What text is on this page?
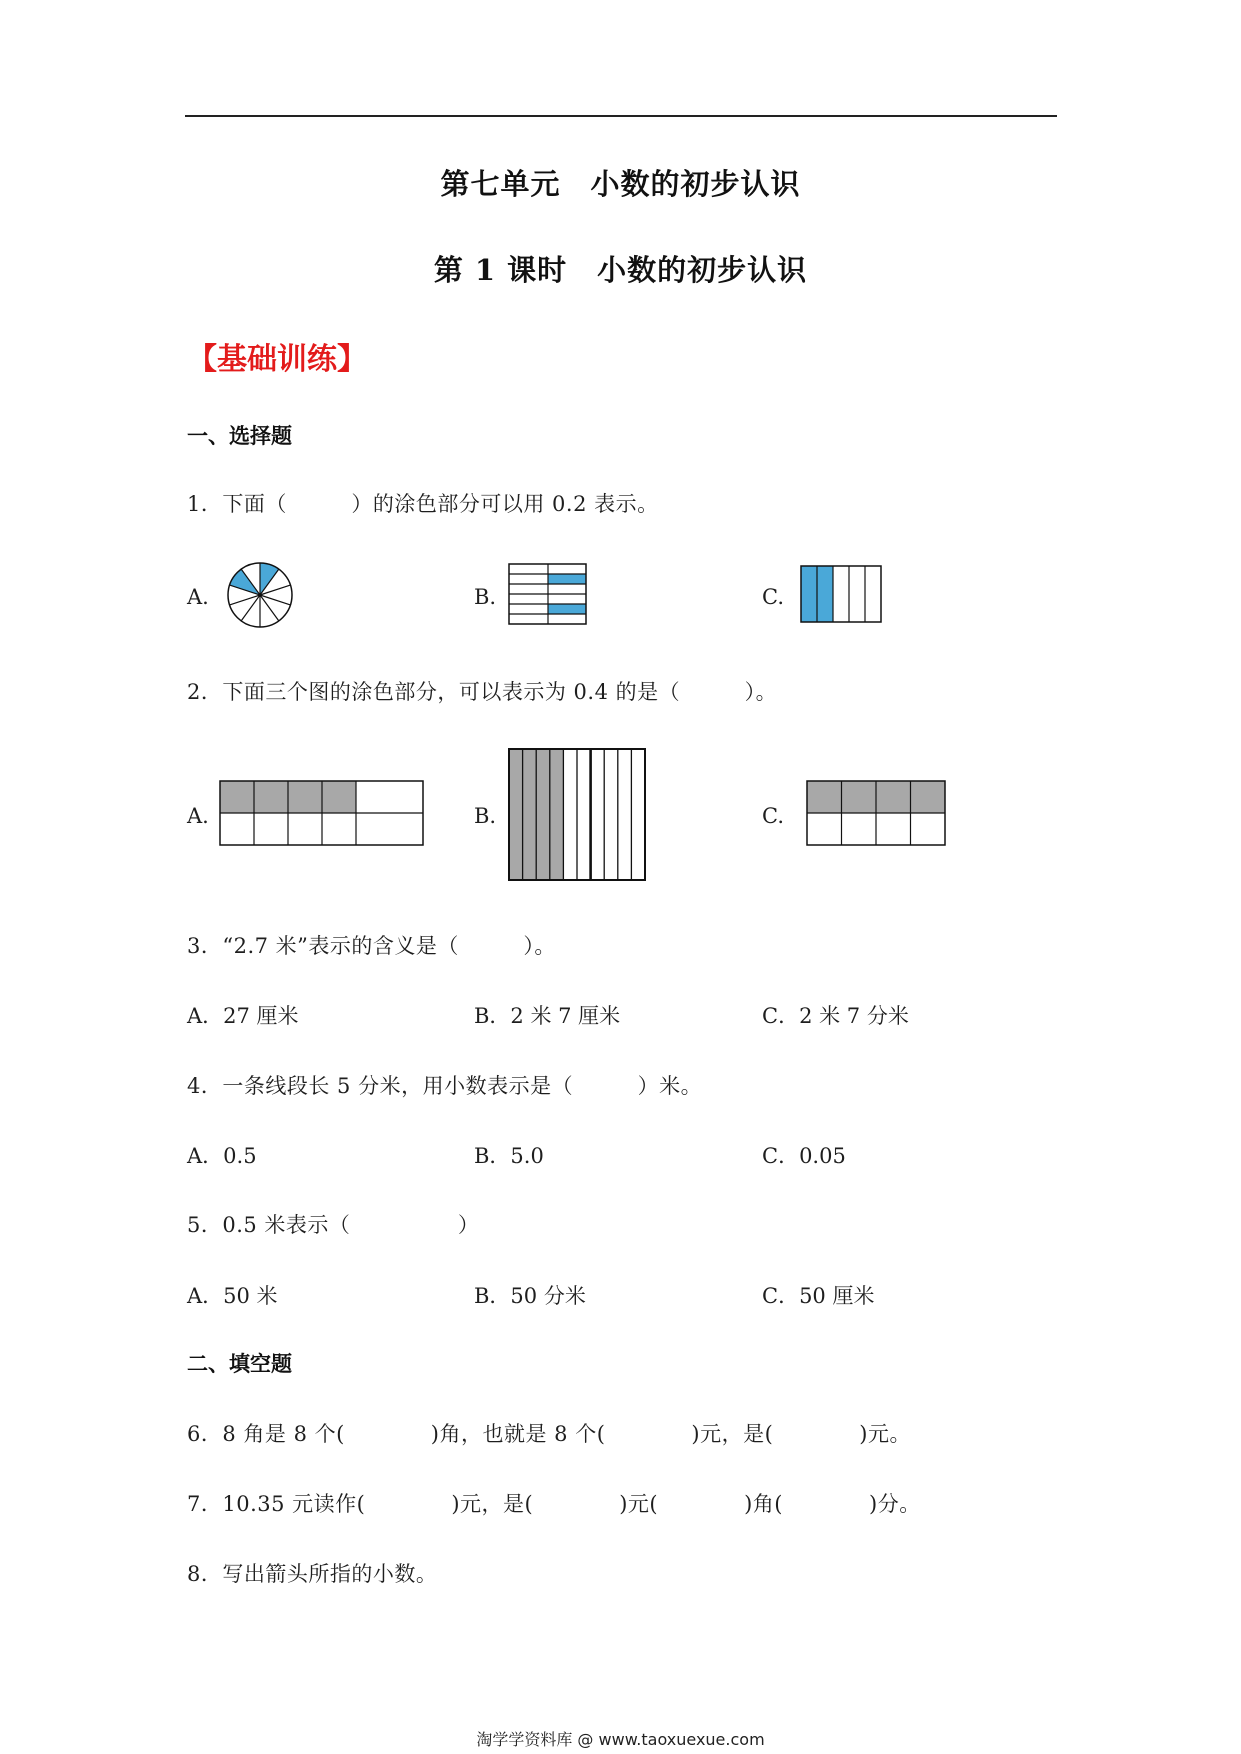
第七单元　小数的初步认识
第 1 课时　小数的初步认识
【基础训练】
一、选择题
1．下面（　　　）的涂色部分可以用 0.2 表示。
A.	B.	C.
2．下面三个图的涂色部分，可以表示为 0.4 的是（　　　）。
A.	B.	C.
3．“2.7 米”表示的含义是（　　　）。
A．27 厘米	B．2 米 7 厘米	C．2 米 7 分米
4．一条线段长 5 分米，用小数表示是（　　　）米。
A．0.5	B．5.0	C．0.05
5．0.5 米表示（　　　　　）
A．50 米	B．50 分米	C．50 厘米
二、填空题
6．8 角是 8 个(　　　　)角，也就是 8 个(　　　　)元，是(　　　　)元。
7．10.35 元读作(　　　　)元，是(　　　　)元(　　　　)角(　　　　)分。
8．写出箭头所指的小数。
淘学学资料库 @ www.taoxuexue.com
